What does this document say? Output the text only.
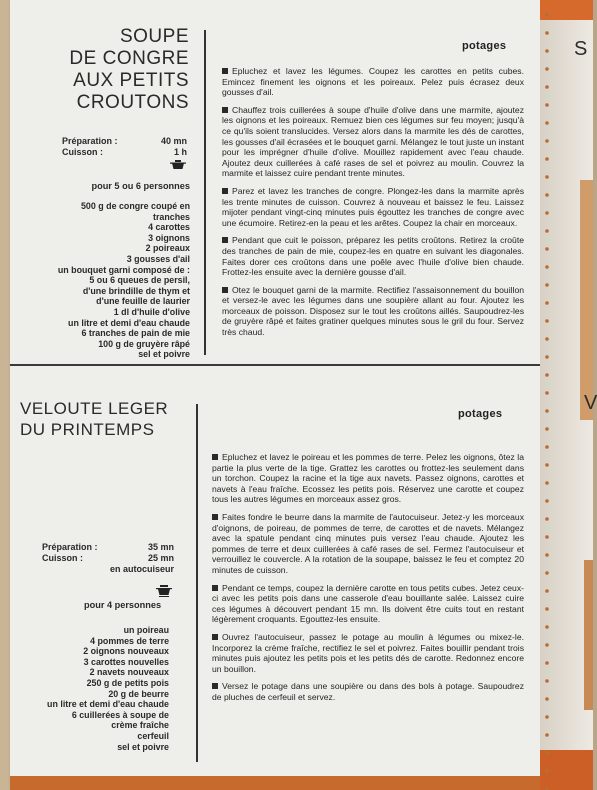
S
V
SOUPE
DE CONGRE
AUX PETITS
CROUTONS
potages
Préparation :	40 mn
Cuisson :	1 h
pour 5 ou 6 personnes
500 g de congre coupé en
tranches
4 carottes
3 oignons
2 poireaux
3 gousses d'ail
un bouquet garni composé de :
5 ou 6 queues de persil,
d'une brindille de thym et
d'une feuille de laurier
1 dl d'huile d'olive
un litre et demi d'eau chaude
6 tranches de pain de mie
100 g de gruyère râpé
sel et poivre

Epluchez et lavez les légumes. Coupez les carottes en petits cubes. Emincez finement les oignons et les poireaux. Pelez puis écrasez deux gousses d'ail.

Chauffez trois cuillerées à soupe d'huile d'olive dans une marmite, ajoutez les oignons et les poireaux. Remuez bien ces légumes sur feu moyen; jusqu'à ce qu'ils soient translucides. Versez alors dans la marmite les dés de carottes, les gousses d'ail écrasées et le bouquet garni. Mélangez le tout juste un instant pour les imprégner d'huile d'olive. Mouillez rapidement avec l'eau chaude. Ajoutez deux cuillerées à café rases de sel et poivrez au moulin. Couvrez la marmite et laissez cuire pendant trente minutes.

Parez et lavez les tranches de congre. Plongez-les dans la marmite après les trente minutes de cuisson. Couvrez à nouveau et baissez le feu. Laissez mijoter pendant vingt-cinq minutes puis égouttez les tranches de congre avec une écumoire. Retirez-en la peau et les arêtes. Coupez la chair en morceaux.

Pendant que cuit le poisson, préparez les petits croûtons. Retirez la croûte des tranches de pain de mie, coupez-les en quatre en suivant les diagonales. Faites dorer ces croûtons dans une poêle avec l'huile d'olive bien chaude. Frottez-les ensuite avec la dernière gousse d'ail.

Otez le bouquet garni de la marmite. Rectifiez l'assaisonnement du bouillon et versez-le avec les légumes dans une soupière allant au four. Ajoutez les morceaux de poisson. Disposez sur le tout les croûtons aillés. Saupoudrez-les de gruyère râpé et faites gratiner quelques minutes sous le gril du four. Servez très chaud.

VELOUTE LEGER
DU PRINTEMPS
potages
Préparation :	35 mn
Cuisson :	25 mn
en autocuiseur
pour 4 personnes
un poireau
4 pommes de terre
2 oignons nouveaux
3 carottes nouvelles
2 navets nouveaux
250 g de petits pois
20 g de beurre
un litre et demi d'eau chaude
6 cuillerées à soupe de
crème fraîche
cerfeuil
sel et poivre

Epluchez et lavez le poireau et les pommes de terre. Pelez les oignons, ôtez la partie la plus verte de la tige. Grattez les carottes ou frottez-les seulement dans un torchon. Coupez la racine et la tige aux navets. Passez oignons, carottes et navets à l'eau fraîche. Ecossez les petits pois. Réservez une carotte et coupez tous les autres légumes en morceaux assez gros.

Faites fondre le beurre dans la marmite de l'autocuiseur. Jetez-y les morceaux d'oignons, de poireau, de pommes de terre, de carottes et de navets. Mélangez avec la spatule pendant cinq minutes puis versez l'eau chaude. Ajoutez les pommes de terre et deux cuillerées à café rases de sel. Fermez l'autocuiseur et verrouillez le couvercle. A la rotation de la soupape, baissez le feu et comptez 20 minutes de cuisson.

Pendant ce temps, coupez la dernière carotte en tous petits cubes. Jetez ceux-ci avec les petits pois dans une casserole d'eau bouillante salée. Laissez cuire ces légumes à découvert pendant 15 mn. Ils doivent être cuits tout en restant légèrement croquants. Egouttez-les ensuite.

Ouvrez l'autocuiseur, passez le potage au moulin à légumes ou mixez-le. Incorporez la crème fraîche, rectifiez le sel et poivrez. Faites bouillir pendant trois minutes puis ajoutez les petits pois et les petits dés de carotte. Redonnez encore un bouillon.

Versez le potage dans une soupière ou dans des bols à potage. Saupoudrez de pluches de cerfeuil et servez.
